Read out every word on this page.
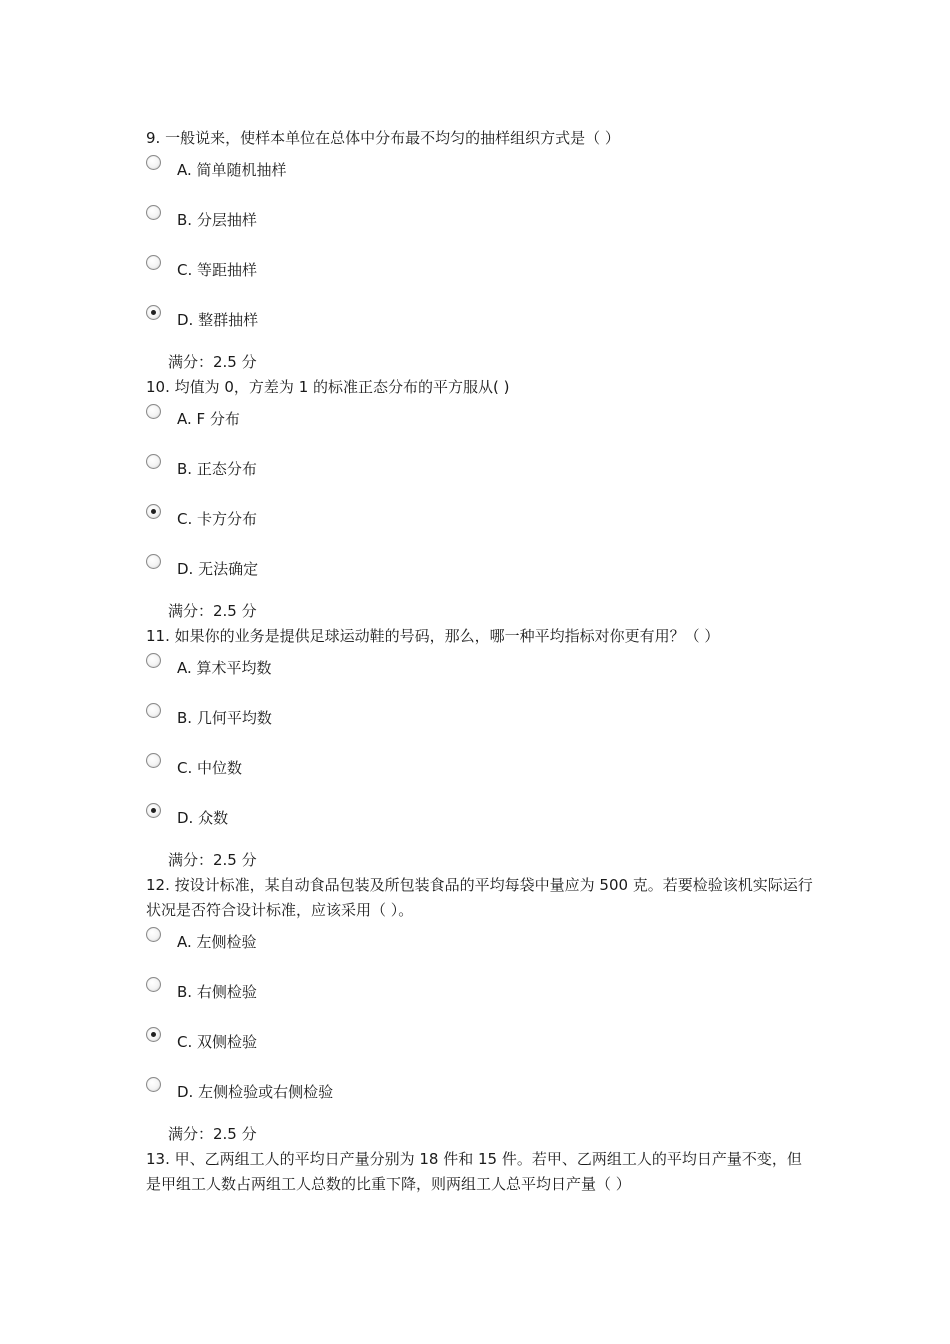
9. 一般说来，使样本单位在总体中分布最不均匀的抽样组织方式是（ ）
A. 简单随机抽样
B. 分层抽样
C. 等距抽样
D. 整群抽样
满分：2.5 分
10. 均值为 0，方差为 1 的标准正态分布的平方服从( )
A. F 分布
B. 正态分布
C. 卡方分布
D. 无法确定
满分：2.5 分
11. 如果你的业务是提供足球运动鞋的号码，那么，哪一种平均指标对你更有用？（ ）
A. 算术平均数
B. 几何平均数
C. 中位数
D. 众数
满分：2.5 分
12. 按设计标准，某自动食品包装及所包装食品的平均每袋中量应为 500 克。若要检验该机实际运行状况是否符合设计标准，应该采用（ ）。
A. 左侧检验
B. 右侧检验
C. 双侧检验
D. 左侧检验或右侧检验
满分：2.5 分
13. 甲、乙两组工人的平均日产量分别为 18 件和 15 件。若甲、乙两组工人的平均日产量不变，但是甲组工人数占两组工人总数的比重下降，则两组工人总平均日产量（ ）
